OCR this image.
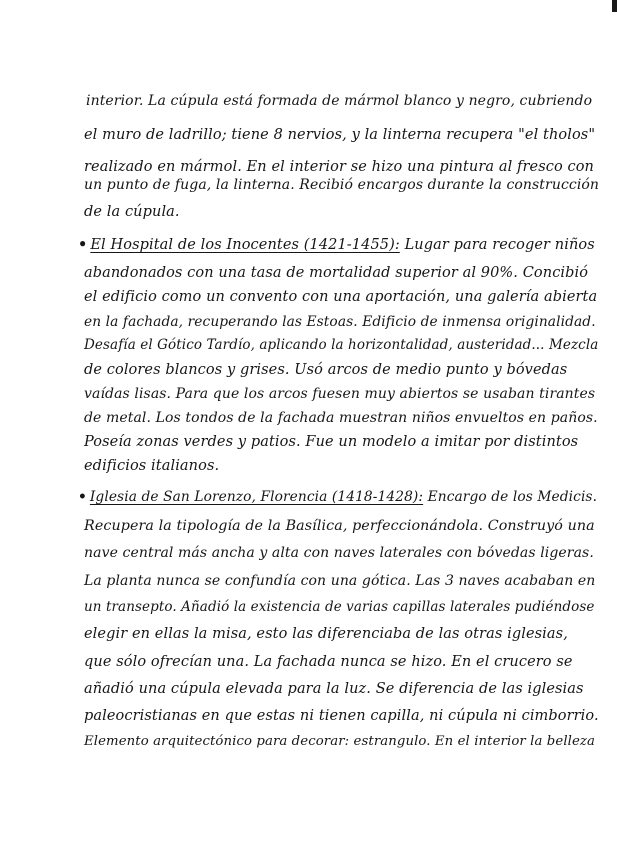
interior. La cúpula está formada de mármol blanco y negro, cubriendo
el muro de ladrillo; tiene 8 nervios, y la linterna recupera "el tholos"
realizado en mármol. En el interior se hizo una pintura al fresco con
un punto de fuga, la linterna. Recibió encargos durante la construcción
de la cúpula.
• El Hospital de los Inocentes (1421-1455): Lugar para recoger niños
abandonados con una tasa de mortalidad superior al 90%. Concibió
el edificio como un convento con una aportación, una galería abierta
en la fachada, recuperando las Estoas. Edificio de inmensa originalidad.
Desafía el Gótico Tardío, aplicando la horizontalidad, austeridad... Mezcla
de colores blancos y grises. Usó arcos de medio punto y bóvedas
vaídas lisas. Para que los arcos fuesen muy abiertos se usaban tirantes
de metal. Los tondos de la fachada muestran niños envueltos en paños.
Poseía zonas verdes y patios. Fue un modelo a imitar por distintos
edificios italianos.
• Iglesia de San Lorenzo, Florencia (1418-1428): Encargo de los Medicis.
Recupera la tipología de la Basílica, perfeccionándola. Construyó una
nave central más ancha y alta con naves laterales con bóvedas ligeras.
La planta nunca se confundía con una gótica. Las 3 naves acababan en
un transepto. Añadió la existencia de varias capillas laterales pudiéndose
elegir en ellas la misa, esto las diferenciaba de las otras iglesias,
que sólo ofrecían una. La fachada nunca se hizo. En el crucero se
añadió una cúpula elevada para la luz. Se diferencia de las iglesias
paleocristianas en que estas ni tienen capilla, ni cúpula ni cimborrio.
Elemento arquitectónico para decorar: estrangulo. En el interior la belleza
